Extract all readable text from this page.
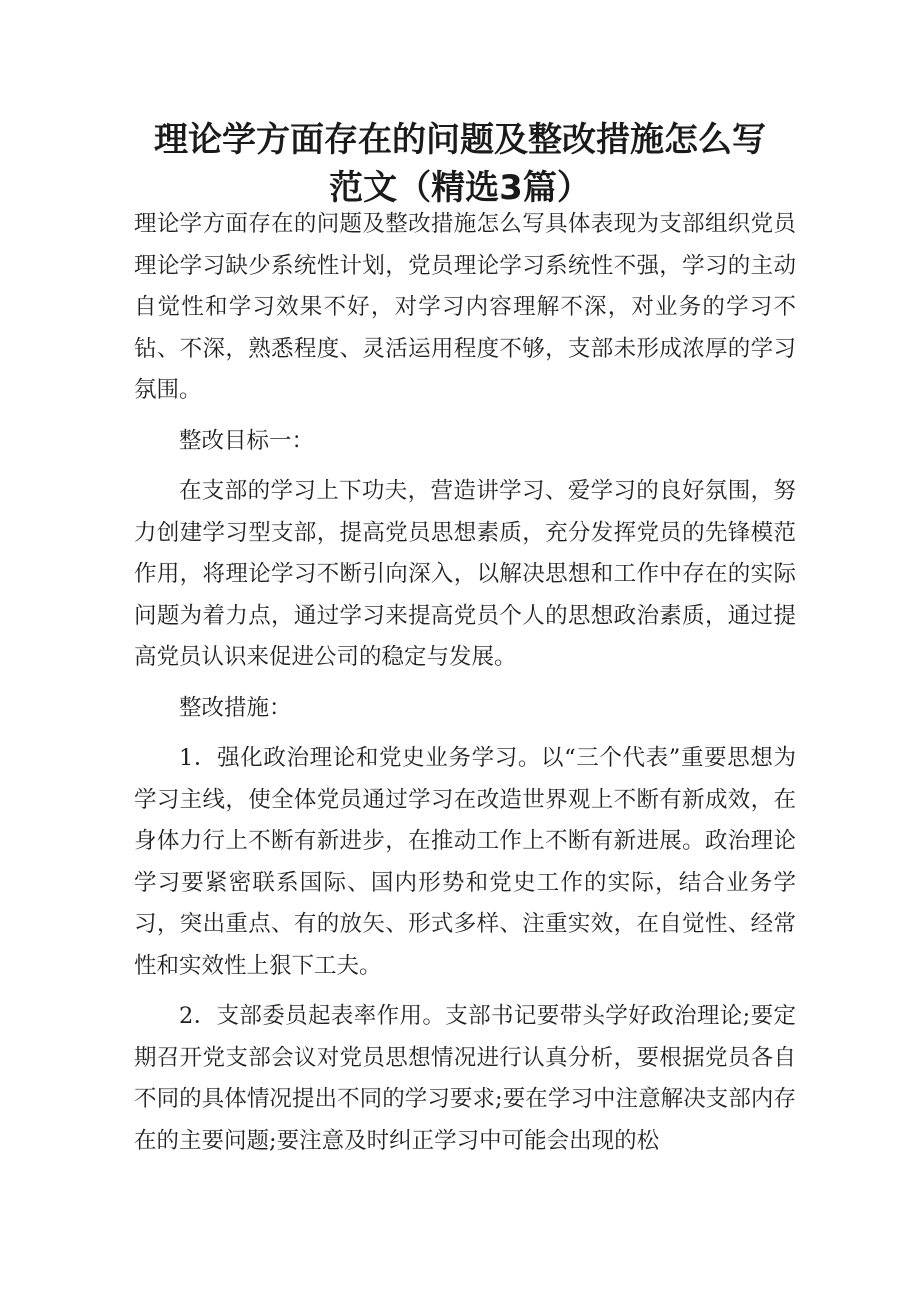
理论学方面存在的问题及整改措施怎么写
范文（精选3篇）

理论学方面存在的问题及整改措施怎么写具体表现为支部组织党员理论学习缺少系统性计划，党员理论学习系统性不强，学习的主动自觉性和学习效果不好，对学习内容理解不深，对业务的学习不钻、不深，熟悉程度、灵活运用程度不够，支部未形成浓厚的学习氛围。

整改目标一：

在支部的学习上下功夫，营造讲学习、爱学习的良好氛围，努力创建学习型支部，提高党员思想素质，充分发挥党员的先锋模范作用，将理论学习不断引向深入，以解决思想和工作中存在的实际问题为着力点，通过学习来提高党员个人的思想政治素质，通过提高党员认识来促进公司的稳定与发展。

整改措施：

1．强化政治理论和党史业务学习。以“三个代表”重要思想为学习主线，使全体党员通过学习在改造世界观上不断有新成效，在身体力行上不断有新进步，在推动工作上不断有新进展。政治理论学习要紧密联系国际、国内形势和党史工作的实际，结合业务学习，突出重点、有的放矢、形式多样、注重实效，在自觉性、经常性和实效性上狠下工夫。

2．支部委员起表率作用。支部书记要带头学好政治理论;要定期召开党支部会议对党员思想情况进行认真分析，要根据党员各自不同的具体情况提出不同的学习要求;要在学习中注意解决支部内存在的主要问题;要注意及时纠正学习中可能会出现的松
